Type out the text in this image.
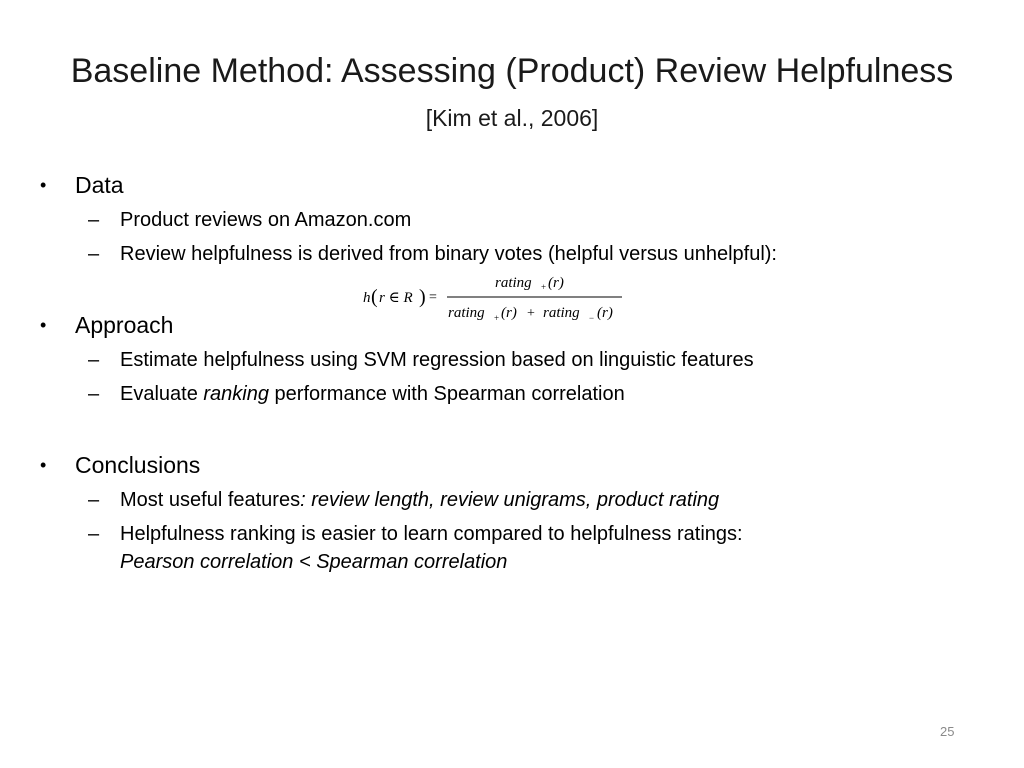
Baseline Method: Assessing (Product) Review Helpfulness
[Kim et al., 2006]
• Data
– Product reviews on Amazon.com
– Review helpfulness is derived from binary votes (helpful versus unhelpful):
h ( r ∈ R ) =
rating + (r)
rating + (r) + rating − (r)
• Approach
– Estimate helpfulness using SVM regression based on linguistic features
– Evaluate ranking performance with Spearman correlation
• Conclusions
– Most useful features: review length, review unigrams, product rating
– Helpfulness ranking is easier to learn compared to helpfulness ratings:
Pearson correlation < Spearman correlation
25
